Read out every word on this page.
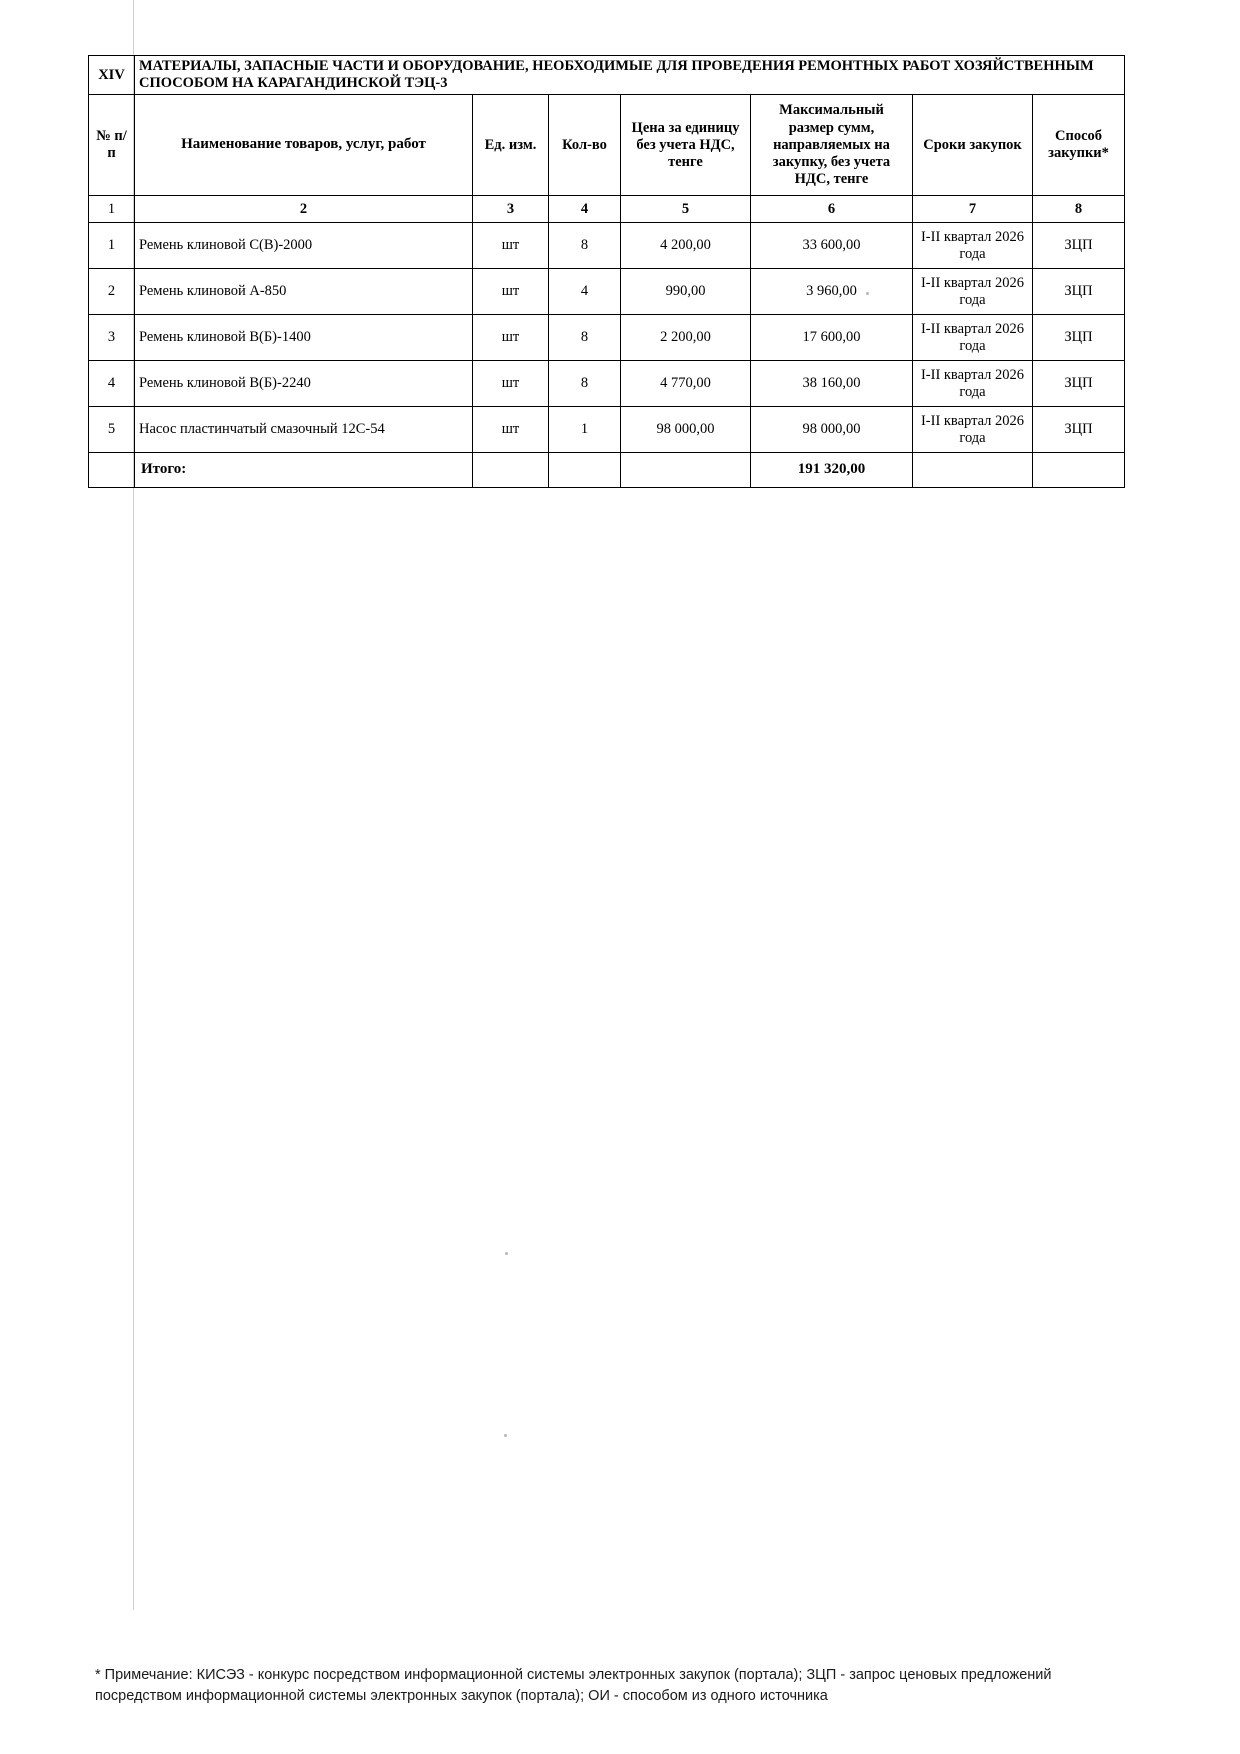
XIV	МАТЕРИАЛЫ, ЗАПАСНЫЕ ЧАСТИ И ОБОРУДОВАНИЕ, НЕОБХОДИМЫЕ ДЛЯ ПРОВЕДЕНИЯ РЕМОНТНЫХ РАБОТ ХОЗЯЙСТВЕННЫМ СПОСОБОМ НА КАРАГАНДИНСКОЙ ТЭЦ-3						
№ п/п	Наименование товаров, услуг, работ	Ед. изм.	Кол-во	Цена за единицу без учета НДС, тенге	Максимальный размер сумм, направляемых на закупку, без учета НДС, тенге	Сроки закупок	Способ закупки*
1	2	3	4	5	6	7	8
1	Ремень клиновой С(В)-2000	шт	8	4 200,00	33 600,00	I-II квартал 2026 года	ЗЦП
2	Ремень клиновой А-850	шт	4	990,00	3 960,00	I-II квартал 2026 года	ЗЦП
3	Ремень клиновой В(Б)-1400	шт	8	2 200,00	17 600,00	I-II квартал 2026 года	ЗЦП
4	Ремень клиновой В(Б)-2240	шт	8	4 770,00	38 160,00	I-II квартал 2026 года	ЗЦП
5	Насос пластинчатый смазочный 12С-54	шт	1	98 000,00	98 000,00	I-II квартал 2026 года	ЗЦП
	Итого:				191 320,00		
* Примечание: КИСЭЗ - конкурс посредством информационной системы электронных закупок (портала); ЗЦП - запрос ценовых предложений посредством информационной системы электронных закупок (портала); ОИ - способом из одного источника
